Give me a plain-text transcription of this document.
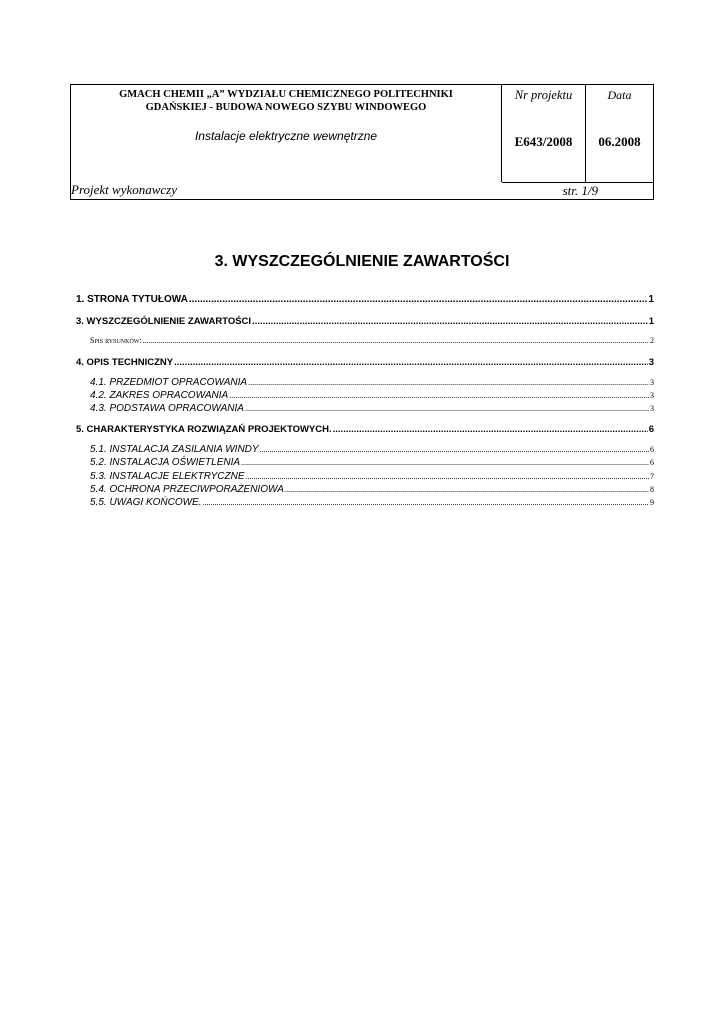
GMACH CHEMII „A” WYDZIAŁU CHEMICZNEGO POLITECHNIKI
GDAŃSKIEJ - BUDOWA NOWEGO SZYBU WINDOWEGO
Instalacje elektryczne wewnętrzne
Nr projektu
E643/2008
Data
06.2008
Projekt wykonawczy	str. 1/9
3. WYSZCZEGÓLNIENIE ZAWARTOŚCI
1. STRONA TYTUŁOWA .....	1
3. WYSZCZEGÓLNIENIE ZAWARTOŚCI .....	1
Spis rysunków: .....	2
4. OPIS TECHNICZNY .....	3
4.1. PRZEDMIOT OPRACOWANIA .....	3
4.2. ZAKRES OPRACOWANIA .....	3
4.3. PODSTAWA OPRACOWANIA .....	3
5. CHARAKTERYSTYKA ROZWIĄZAŃ PROJEKTOWYCH. .....	6
5.1. INSTALACJA ZASILANIA WINDY .....	6
5.2. INSTALACJA OŚWIETLENIA .....	6
5.3. INSTALACJE ELEKTRYCZNE .....	7
5.4. OCHRONA PRZECIWPORAŻENIOWA .....	8
5.5. UWAGI KOŃCOWE. .....	9
